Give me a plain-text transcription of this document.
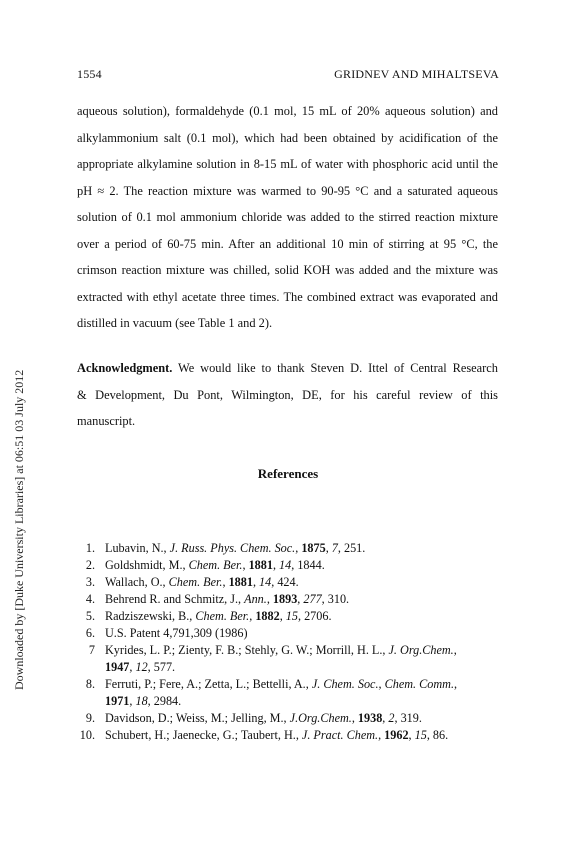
1554	GRIDNEV AND MIHALTSEVA
Downloaded by [Duke University Libraries] at 06:51 03 July 2012
aqueous solution), formaldehyde (0.1 mol, 15 mL of 20% aqueous solution) and
alkylammonium salt (0.1 mol), which had been obtained by acidification of the
appropriate alkylamine solution in 8-15 mL of water with phosphoric acid until the
pH ≈ 2. The reaction mixture was warmed to 90-95 °C and a saturated aqueous
solution of 0.1 mol ammonium chloride was added to the stirred reaction mixture
over a period of 60-75 min. After an additional 10 min of stirring at 95 °C, the
crimson reaction mixture was chilled, solid KOH was added and the mixture was
extracted with ethyl acetate three times. The combined extract was evaporated and
distilled in vacuum (see Table 1 and 2).
Acknowledgment. We would like to thank Steven D. Ittel of Central Research
& Development, Du Pont, Wilmington, DE, for his careful review of this
manuscript.
References
1. Lubavin, N., J. Russ. Phys. Chem. Soc., 1875, 7, 251.
2. Goldshmidt, M., Chem. Ber., 1881, 14, 1844.
3. Wallach, O., Chem. Ber., 1881, 14, 424.
4. Behrend R. and Schmitz, J., Ann., 1893, 277, 310.
5. Radziszewski, B., Chem. Ber., 1882, 15, 2706.
6. U.S. Patent 4,791,309 (1986)
7 Kyrides, L. P.; Zienty, F. B.; Stehly, G. W.; Morrill, H. L., J. Org.Chem.,
1947, 12, 577.
8. Ferruti, P.; Fere, A.; Zetta, L.; Bettelli, A., J. Chem. Soc., Chem. Comm.,
1971, 18, 2984.
9. Davidson, D.; Weiss, M.; Jelling, M., J.Org.Chem., 1938, 2, 319.
10. Schubert, H.; Jaenecke, G.; Taubert, H., J. Pract. Chem., 1962, 15, 86.
